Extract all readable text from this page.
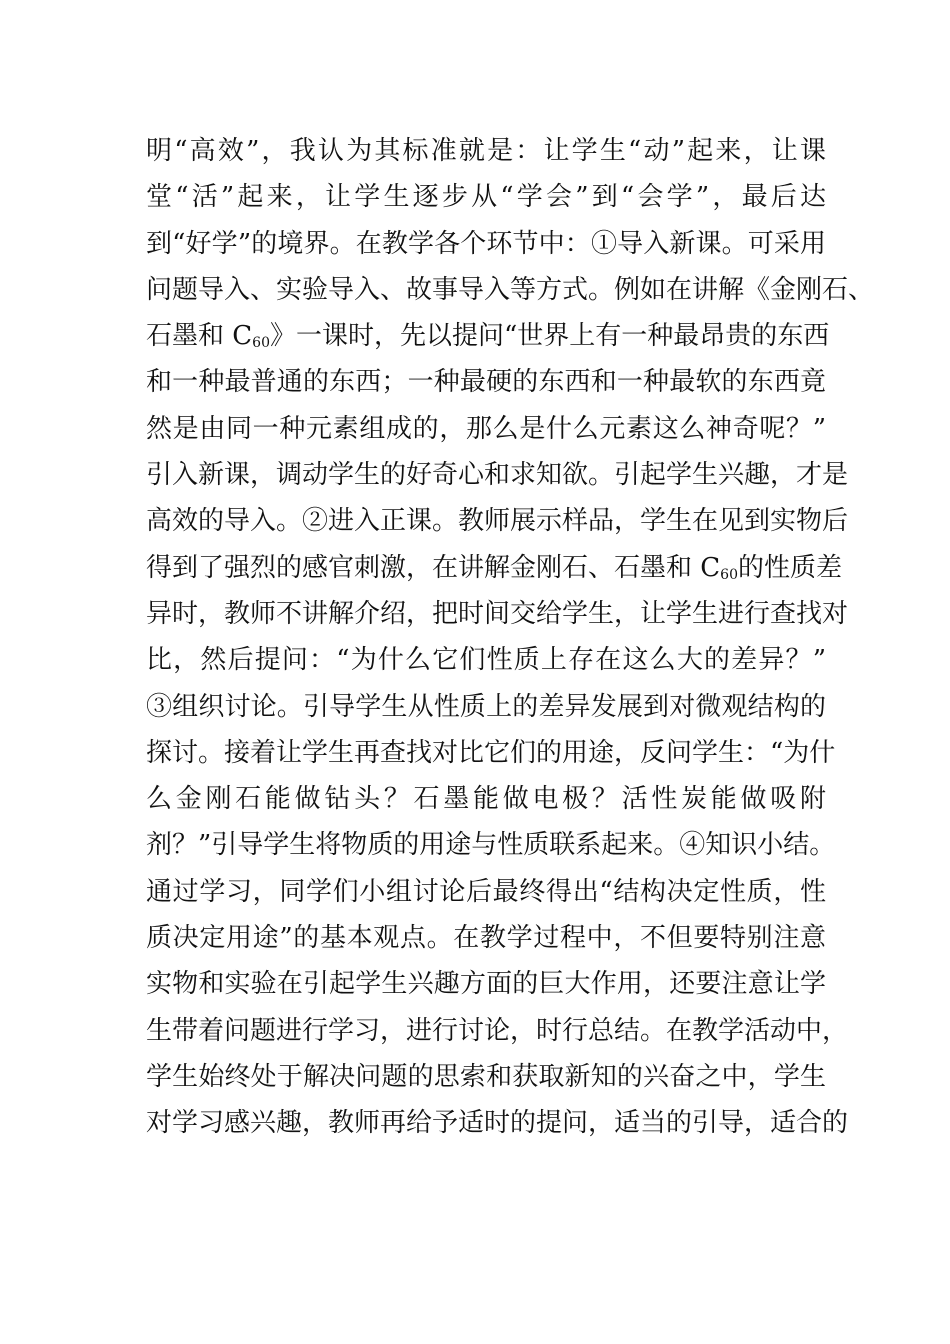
明“高效”，我认为其标准就是：让学生“动”起来，让课
堂“活”起来，让学生逐步从“学会”到“会学”，最后达
到“好学”的境界。在教学各个环节中：①导入新课。可采用
问题导入、实验导入、故事导入等方式。例如在讲解《金刚石、
石墨和 $C_{60}$》一课时，先以提问“世界上有一种最昂贵的东西
和一种最普通的东西；一种最硬的东西和一种最软的东西竟
然是由同一种元素组成的，那么是什么元素这么神奇呢？”
引入新课，调动学生的好奇心和求知欲。引起学生兴趣，才是
高效的导入。②进入正课。教师展示样品，学生在见到实物后
得到了强烈的感官刺激，在讲解金刚石、石墨和 $C_{60}$的性质差
异时，教师不讲解介绍，把时间交给学生，让学生进行查找对
比，然后提问：“为什么它们性质上存在这么大的差异？”
③组织讨论。引导学生从性质上的差异发展到对微观结构的
探讨。接着让学生再查找对比它们的用途，反问学生：“为什
么金刚石能做钻头？石墨能做电极？活性炭能做吸附
剂？”引导学生将物质的用途与性质联系起来。④知识小结。
通过学习，同学们小组讨论后最终得出“结构决定性质，性
质决定用途”的基本观点。在教学过程中，不但要特别注意
实物和实验在引起学生兴趣方面的巨大作用，还要注意让学
生带着问题进行学习，进行讨论，时行总结。在教学活动中，
学生始终处于解决问题的思索和获取新知的兴奋之中，学生
对学习感兴趣，教师再给予适时的提问，适当的引导，适合的
